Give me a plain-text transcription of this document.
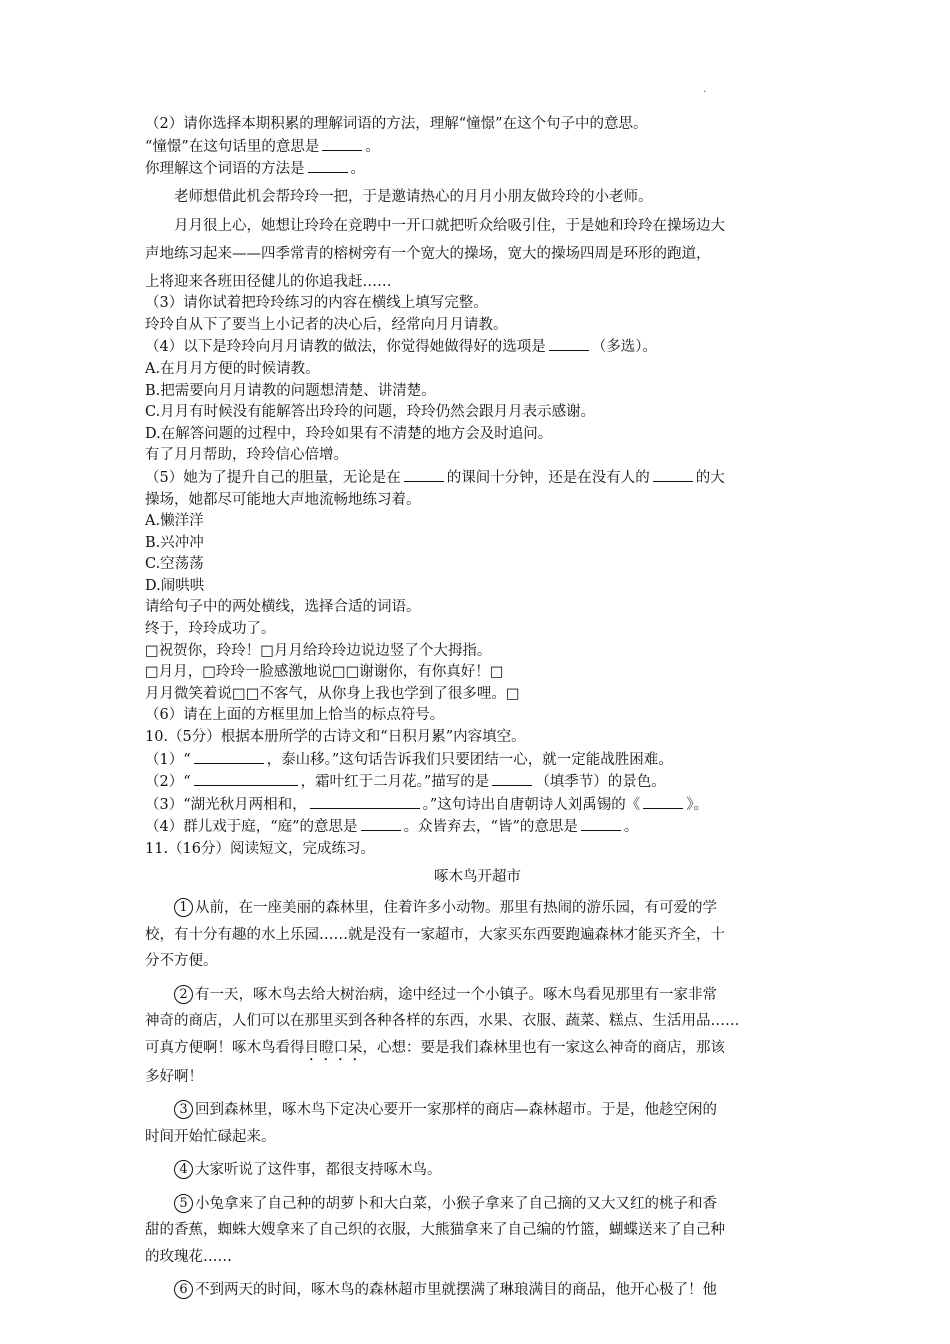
.
（2）请你选择本期积累的理解词语的方法，理解“憧憬”在这个句子中的意思。
“憧憬”在这句话里的意思是	。
你理解这个词语的方法是	。
老师想借此机会帮玲玲一把，于是邀请热心的月月小朋友做玲玲的小老师。
月月很上心，她想让玲玲在竞聘中一开口就把听众给吸引住，于是她和玲玲在操场边大
声地练习起来——四季常青的榕树旁有一个宽大的操场，宽大的操场四周是环形的跑道，
上将迎来各班田径健儿的你追我赶……
（3）请你试着把玲玲练习的内容在横线上填写完整。
玲玲自从下了要当上小记者的决心后，经常向月月请教。
（4）以下是玲玲向月月请教的做法，你觉得她做得好的选项是	（多选）。
A.在月月方便的时候请教。
B.把需要向月月请教的问题想清楚、讲清楚。
C.月月有时候没有能解答出玲玲的问题，玲玲仍然会跟月月表示感谢。
D.在解答问题的过程中，玲玲如果有不清楚的地方会及时追问。
有了月月帮助，玲玲信心倍增。
（5）她为了提升自己的胆量，无论是在	的课间十分钟，还是在没有人的	的大
操场，她都尽可能地大声地流畅地练习着。
A.懒洋洋
B.兴冲冲
C.空荡荡
D.闹哄哄
请给句子中的两处横线，选择合适的词语。
终于，玲玲成功了。
□祝贺你，玲玲！□月月给玲玲边说边竖了个大拇指。
□月月，□玲玲一脸感激地说□□谢谢你，有你真好！□
月月微笑着说□□不客气，从你身上我也学到了很多哩。□
（6）请在上面的方框里加上恰当的标点符号。
10.（5分）根据本册所学的古诗文和“日积月累”内容填空。
（1）“	，泰山移。”这句话告诉我们只要团结一心，就一定能战胜困难。
（2）“	，霜叶红于二月花。”描写的是	（填季节）的景色。
（3）“湖光秋月两相和，	。”这句诗出自唐朝诗人刘禹锡的《	》。
（4）群儿戏于庭，“庭”的意思是	。众皆弃去，“皆”的意思是	。
11.（16分）阅读短文，完成练习。
啄木鸟开超市
1 从前，在一座美丽的森林里，住着许多小动物。那里有热闹的游乐园，有可爱的学
校，有十分有趣的水上乐园……就是没有一家超市，大家买东西要跑遍森林才能买齐全，十
分不方便。
2 有一天，啄木鸟去给大树治病，途中经过一个小镇子。啄木鸟看见那里有一家非常
神奇的商店，人们可以在那里买到各种各样的东西，水果、衣服、蔬菜、糕点、生活用品……
可真方便啊！啄木鸟看得目瞪口呆，心想：要是我们森林里也有一家这么神奇的商店，那该
多好啊！
3 回到森林里，啄木鸟下定决心要开一家那样的商店—森林超市。于是，他趁空闲的
时间开始忙碌起来。
4 大家听说了这件事，都很支持啄木鸟。
5 小兔拿来了自己种的胡萝卜和大白菜，小猴子拿来了自己摘的又大又红的桃子和香
甜的香蕉，蜘蛛大嫂拿来了自己织的衣服，大熊猫拿来了自己编的竹篮，蝴蝶送来了自己种
的玫瑰花……
6 不到两天的时间，啄木鸟的森林超市里就摆满了琳琅满目的商品，他开心极了！他
